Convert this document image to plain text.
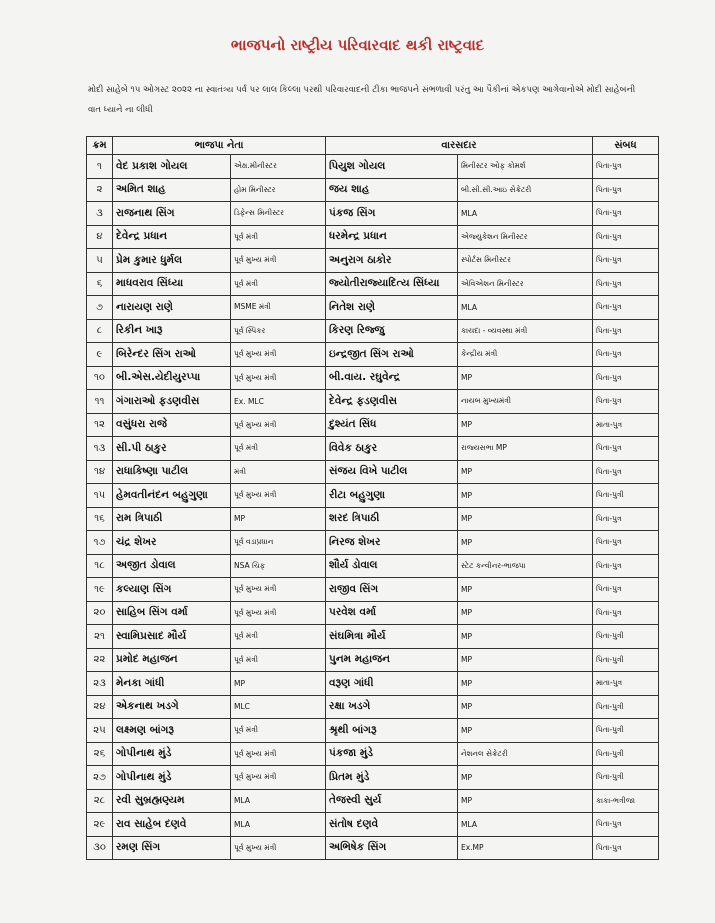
ભાજપનો રાષ્ટ્રીય પરિવારવાદ થકી રાષ્ટ્રવાદ
મોદી સાહેબે ૧૫ ઓગસ્ટ ૨૦૨૨ ના સ્વાતંત્ર્ય પર્વ પર લાલ કિલ્લા પરથી પરિવારવાદની ટીકા ભાજપને સંભળાવી પરંતુ આ પૈકીનાં એકપણ આગેવાનોએ મોદી સાહેબની વાત ધ્યાને ના લીધી
ક્રમ	ભાજપા નેતા		વારસદાર		સંબધ
૧	વેદ પ્રકાશ ગોયલ	એક્ષ.મીનીસ્ટર	પિયુશ ગોયલ	મિનીસ્ટર ઓફ કોમર્શ	પિતા-પુત્ર
૨	અમિત શાહ	હોમ મિનીસ્ટર	જય શાહ	બી.સી.સી.આઇ સેક્રેટરી	પિતા-પુત્ર
૩	રાજનાથ સિંગ	ડિફેન્સ મિનીસ્ટર	પંકજ સિંગ	MLA	પિતા-પુત્ર
૪	દેવેન્દ્ર પ્રધાન	પૂર્વ મંત્રી	ધરમેન્દ્ર પ્રધાન	એજ્યુકેશન મિનીસ્ટર	પિતા-પુત્ર
૫	પ્રેમ કુમાર ધુર્મલ	પૂર્વ મુખ્ય મંત્રી	અનુરાગ ઠાકોર	સ્પોર્ટસ મિનીસ્ટર	પિતા-પુત્ર
૬	માધવરાવ સિંધ્યા	પૂર્વ મંત્રી	જ્યોતીરાજ્યાદિત્ય સિંધ્યા	એવિએશન મિનીસ્ટર	પિતા-પુત્ર
૭	નારાયણ રાણે	MSME મંત્રી	નિતેશ રાણે	MLA	પિતા-પુત્ર
૮	રિકીન ખારૂ	પૂર્વ સ્પિકર	કિરણ રિજ્જુ	કાયદા - વ્યવસ્થા મંત્રી	પિતા-પુત્ર
૯	બિરેન્દર સિંગ રાઓ	પૂર્વ મુખ્ય મંત્રી	ઇન્દ્રજીત સિંગ રાઓ	કેન્દ્રીય મંત્રી	પિતા-પુત્ર
૧૦	બી.એસ.યેદીયુરપ્પા	પૂર્વ મુખ્ય મંત્રી	બી.વાય. રઘુવેન્દ્ર	MP	પિતા-પુત્ર
૧૧	ગંગારાઓ ફડણવીસ	Ex. MLC	દેવેન્દ્ર ફડણવીસ	નાયબ મુખ્યમંત્રી	પિતા-પુત્ર
૧૨	વસુંધરા રાજે	પૂર્વ મુખ્ય મંત્રી	દુશ્યંત સિંધ	MP	માતા-પુત્ર
૧૩	સી.પી ઠાકુર	પૂર્વ મંત્રી	વિવેક ઠાકુર	રાજ્યસભા MP	પિતા-પુત્ર
૧૪	રાધાકિષ્ણા પાટીલ	મંત્રી	સંજય વિખે પાટીલ	MP	પિતા-પુત્ર
૧૫	હેમવતીનંદન બહુગુણા	પૂર્વ મુખ્ય મંત્રી	રીટા બહુગુણા	MP	પિતા-પુત્રી
૧૬	રામ ત્રિપાઠી	MP	શરદ ત્રિપાઠી	MP	પિતા-પુત્ર
૧૭	ચંદ્ર શેખર	પૂર્વ વડાપ્રધાન	નિરજ શેખર	MP	પિતા-પુત્ર
૧૮	અજીત ડોવાલ	NSA ચિફ	શૌર્ય ડોવાલ	સ્ટેટ કન્વીનર-ભાજપા	પિતા-પુત્ર
૧૯	કલ્યાણ સિંગ	પૂર્વ મુખ્ય મંત્રી	રાજીવ સિંગ	MP	પિતા-પુત્ર
૨૦	સાહિબ સિંગ વર્મા	પૂર્વ મુખ્ય મંત્રી	પરવેશ વર્મા	MP	પિતા-પુત્ર
૨૧	સ્વામિપ્રસાદ મૌર્ય	પૂર્વ મંત્રી	સંઘમિત્રા મૌર્ય	MP	પિતા-પુત્રી
૨૨	પ્રમોદ મહાજન	પૂર્વ મંત્રી	પુનમ મહાજન	MP	પિતા-પુત્રી
૨૩	મેનકા ગાંધી	MP	વરૂણ ગાંધી	MP	માતા-પુત્ર
૨૪	એકનાથ ખડગે	MLC	રક્ષા ખડગે	MP	પિતા-પુત્રી
૨૫	લક્ષ્મણ બાંગરૂ	પૂર્વ મંત્રી	શ્રૃથી બાંગરૂ	MP	પિતા-પુત્રી
૨૬	ગોપીનાથ મુંડે	પૂર્વ મુખ્ય મંત્રી	પંકજા મુંડે	નેશનલ સેક્રેટરી	પિતા-પુત્રી
૨૭	ગોપીનાથ મુંડે	પૂર્વ મુખ્ય મંત્રી	પ્રિતમ મુંડે	MP	પિતા-પુત્રી
૨૮	રવી સુબ્રહ્મણ્યમ	MLA	તેજસ્વી સુર્ય	MP	કાકા-ભત્રીજા
૨૯	રાવ સાહેબ દણવે	MLA	સંતોષ દણવે	MLA	પિતા-પુત્ર
૩૦	રમણ સિંગ	પૂર્વ મુખ્ય મંત્રી	અભિષેક સિંગ	Ex.MP	પિતા-પુત્ર
